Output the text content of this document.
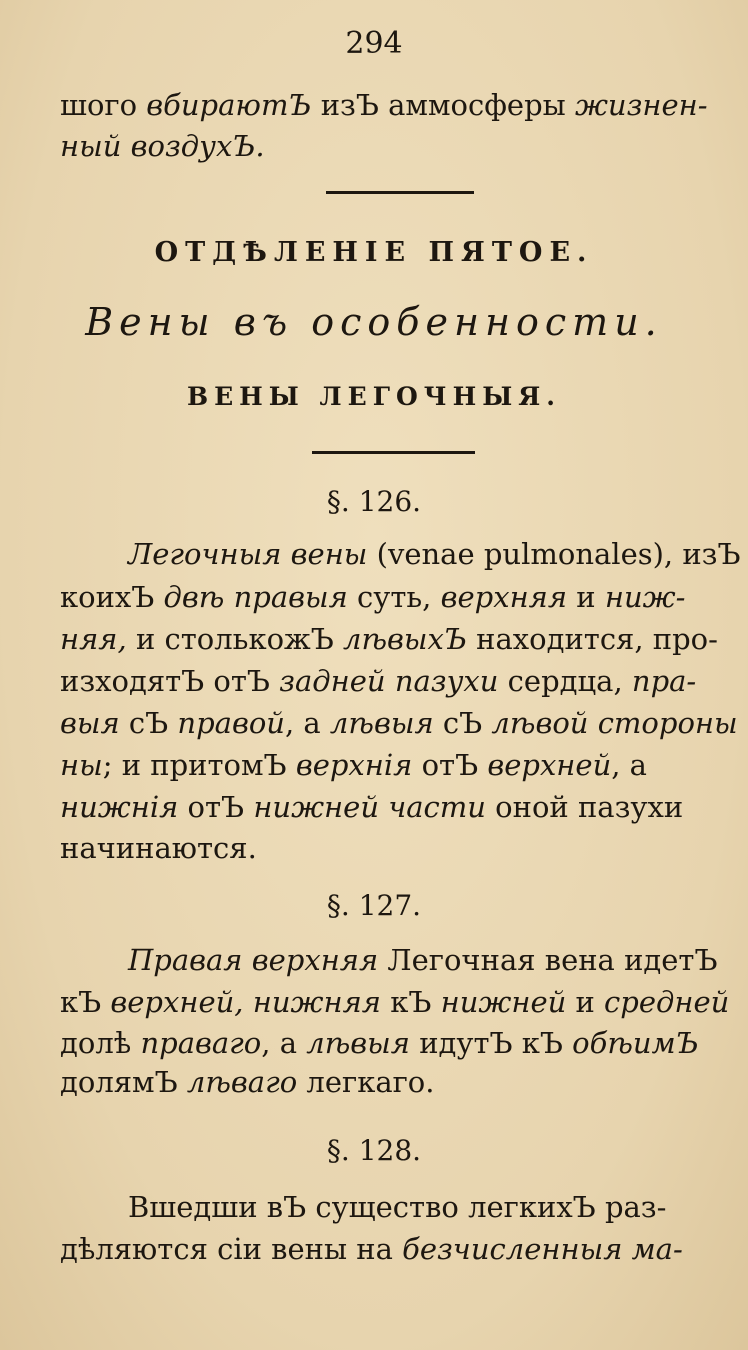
294
шого вбираютЪ изЪ аммосферы жизнен-
ный воздухЪ.
ОТДѢЛЕНIЕ ПЯТОЕ.
Вены въ особенности.
ВЕНЫ ЛЕГОЧНЫЯ.
§. 126.
Легочныя вены (venae pulmonales), изЪ
коихЪ двѣ правыя суть, верхняя и ниж-
няя, и столькожЪ лѣвыхЪ находится, про-
изходятЪ отЪ задней пазухи сердца, пра-
выя сЪ правой, а лѣвыя сЪ лѣвой стороны
ны; и притомЪ верхнiя отЪ верхней, а
нижнiя отЪ нижней части оной пазухи
начинаются.
§. 127.
Правая верхняя Легочная вена идетЪ
кЪ верхней, нижняя кЪ нижней и средней
долѣ праваго, а лѣвыя идутЪ кЪ обѣимЪ
долямЪ лѣваго легкаго.
§. 128.
Вшедши вЪ существо легкихЪ раз-
дѣляются сiи вены на безчисленныя ма-
